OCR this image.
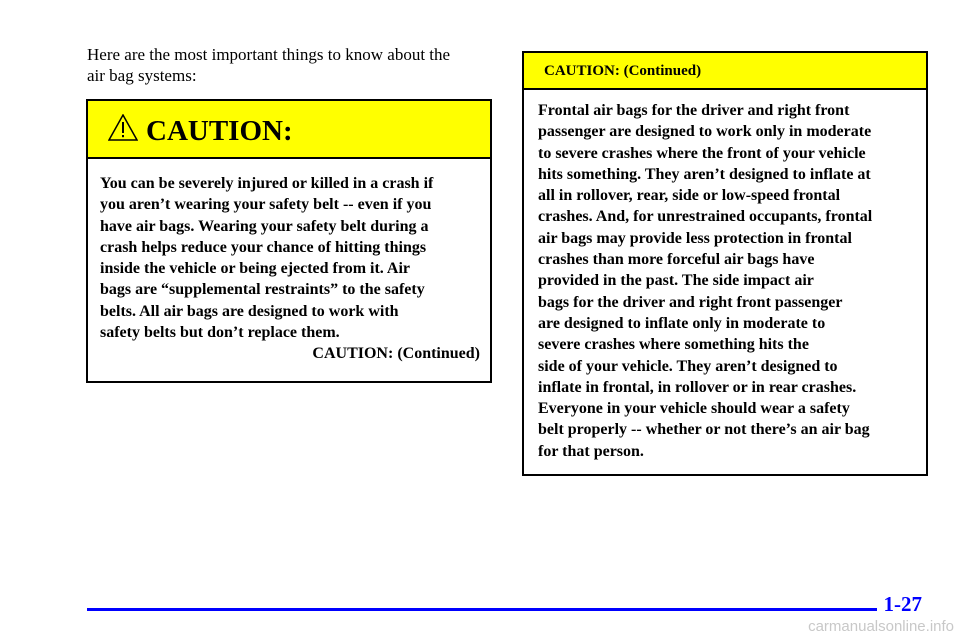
Here are the most important things to know about the
air bag systems:
CAUTION:

You can be severely injured or killed in a crash if

you aren’t wearing your safety belt -- even if you

have air bags. Wearing your safety belt during a

crash helps reduce your chance of hitting things

inside the vehicle or being ejected from it. Air

bags are “supplemental restraints” to the safety

belts. All air bags are designed to work with

safety belts but don’t replace them.

CAUTION: (Continued)

CAUTION: (Continued)

Frontal air bags for the driver and right front

passenger are designed to work only in moderate

to severe crashes where the front of your vehicle

hits something. They aren’t designed to inflate at

all in rollover, rear, side or low-speed frontal

crashes. And, for unrestrained occupants, frontal

air bags may provide less protection in frontal

crashes than more forceful air bags have

provided in the past. The side impact air

bags for the driver and right front passenger

are designed to inflate only in moderate to

severe crashes where something hits the

side of your vehicle. They aren’t designed to

inflate in frontal, in rollover or in rear crashes.

Everyone in your vehicle should wear a safety

belt properly -- whether or not there’s an air bag

for that person.

1-27
carmanualsonline.info
